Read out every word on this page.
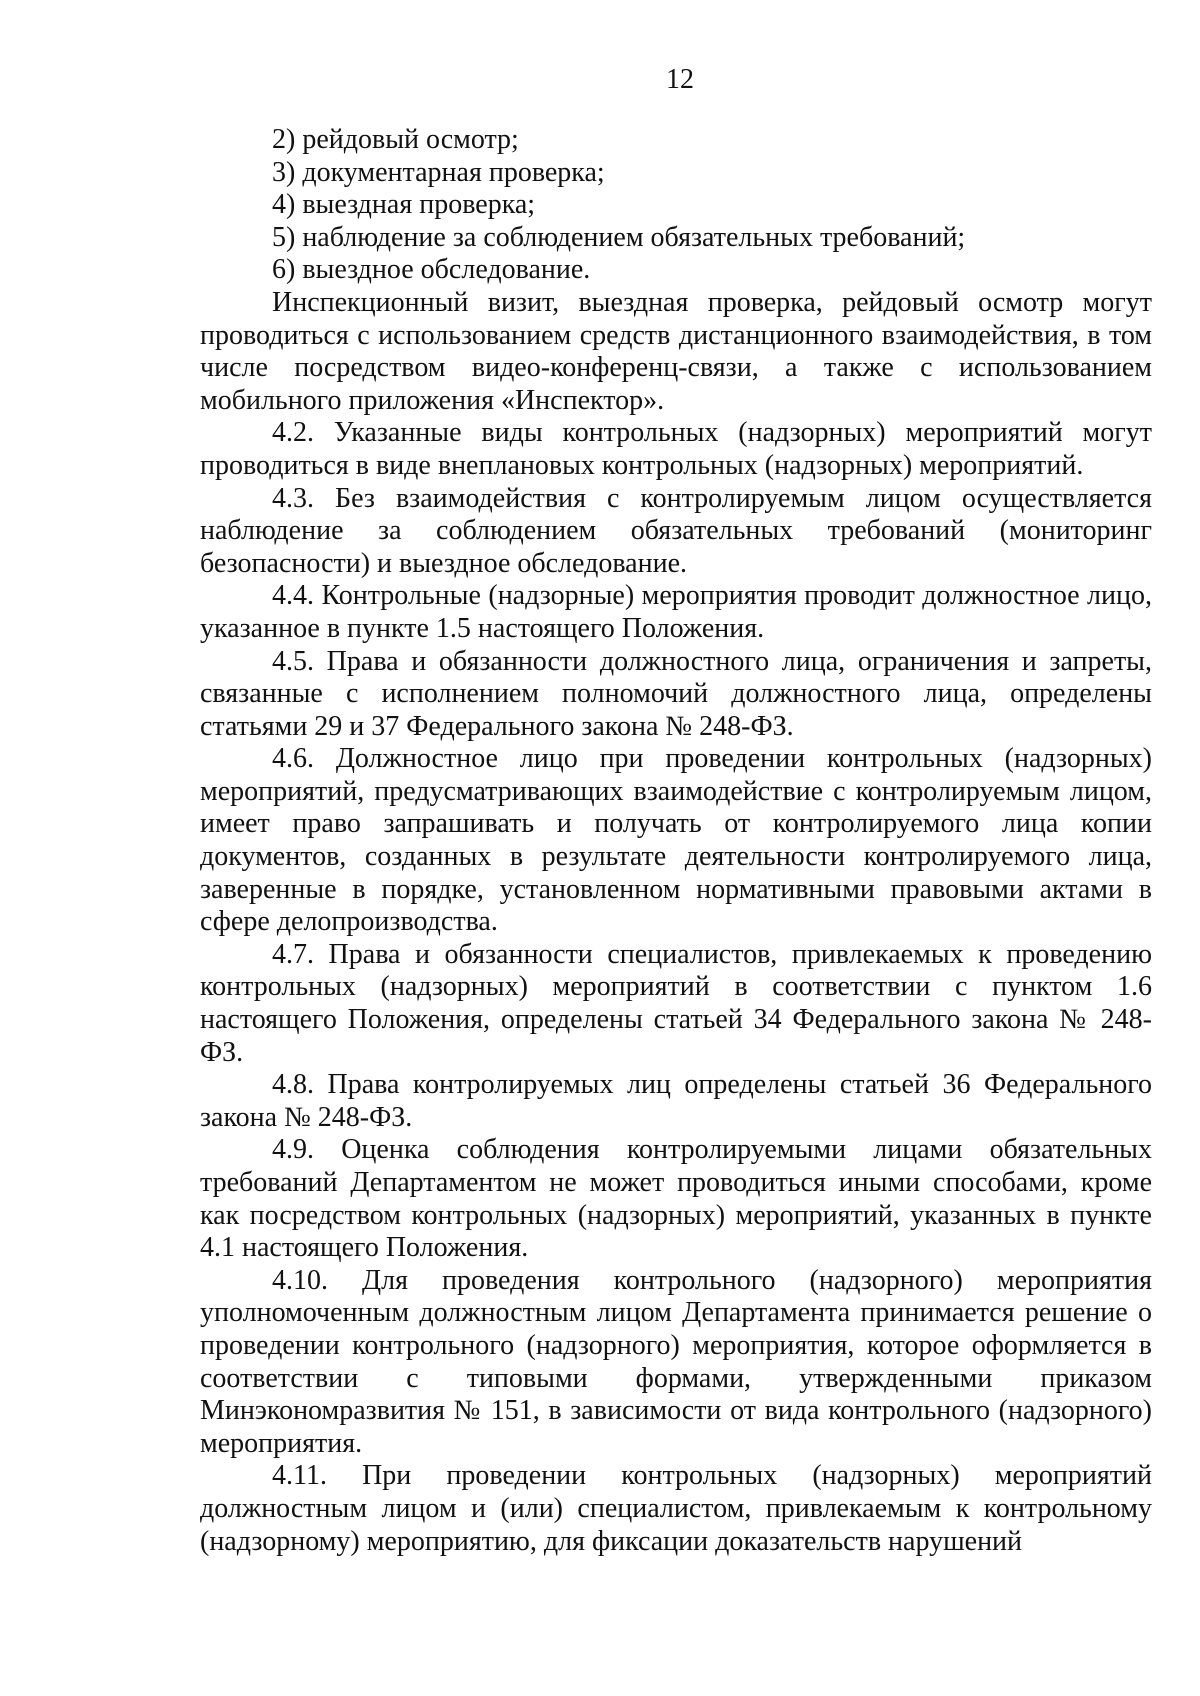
12

2) рейдовый осмотр;

3) документарная проверка;

4) выездная проверка;

5) наблюдение за соблюдением обязательных требований;

6) выездное обследование.

Инспекционный визит, выездная проверка, рейдовый осмотр могут проводиться с использованием средств дистанционного взаимодействия, в том числе посредством видео-конференц-связи, а также с использованием мобильного приложения «Инспектор».

4.2. Указанные виды контрольных (надзорных) мероприятий могут проводиться в виде внеплановых контрольных (надзорных) мероприятий.

4.3. Без взаимодействия с контролируемым лицом осуществляется наблюдение за соблюдением обязательных требований (мониторинг безопасности) и выездное обследование.

4.4. Контрольные (надзорные) мероприятия проводит должностное лицо, указанное в пункте 1.5 настоящего Положения.

4.5. Права и обязанности должностного лица, ограничения и запреты, связанные с исполнением полномочий должностного лица, определены статьями 29 и 37 Федерального закона № 248-ФЗ.

4.6. Должностное лицо при проведении контрольных (надзорных) мероприятий, предусматривающих взаимодействие с контролируемым лицом, имеет право запрашивать и получать от контролируемого лица копии документов, созданных в результате деятельности контролируемого лица, заверенные в порядке, установленном нормативными правовыми актами в сфере делопроизводства.

4.7. Права и обязанности специалистов, привлекаемых к проведению контрольных (надзорных) мероприятий в соответствии с пунктом 1.6 настоящего Положения, определены статьей 34 Федерального закона № 248-ФЗ.

4.8. Права контролируемых лиц определены статьей 36 Федерального закона № 248-ФЗ.

4.9. Оценка соблюдения контролируемыми лицами обязательных требований Департаментом не может проводиться иными способами, кроме как посредством контрольных (надзорных) мероприятий, указанных в пункте 4.1 настоящего Положения.

4.10. Для проведения контрольного (надзорного) мероприятия уполномоченным должностным лицом Департамента принимается решение о проведении контрольного (надзорного) мероприятия, которое оформляется в соответствии с типовыми формами, утвержденными приказом Минэкономразвития № 151, в зависимости от вида контрольного (надзорного) мероприятия.

4.11. При проведении контрольных (надзорных) мероприятий должностным лицом и (или) специалистом, привлекаемым к контрольному (надзорному) мероприятию, для фиксации доказательств нарушений
